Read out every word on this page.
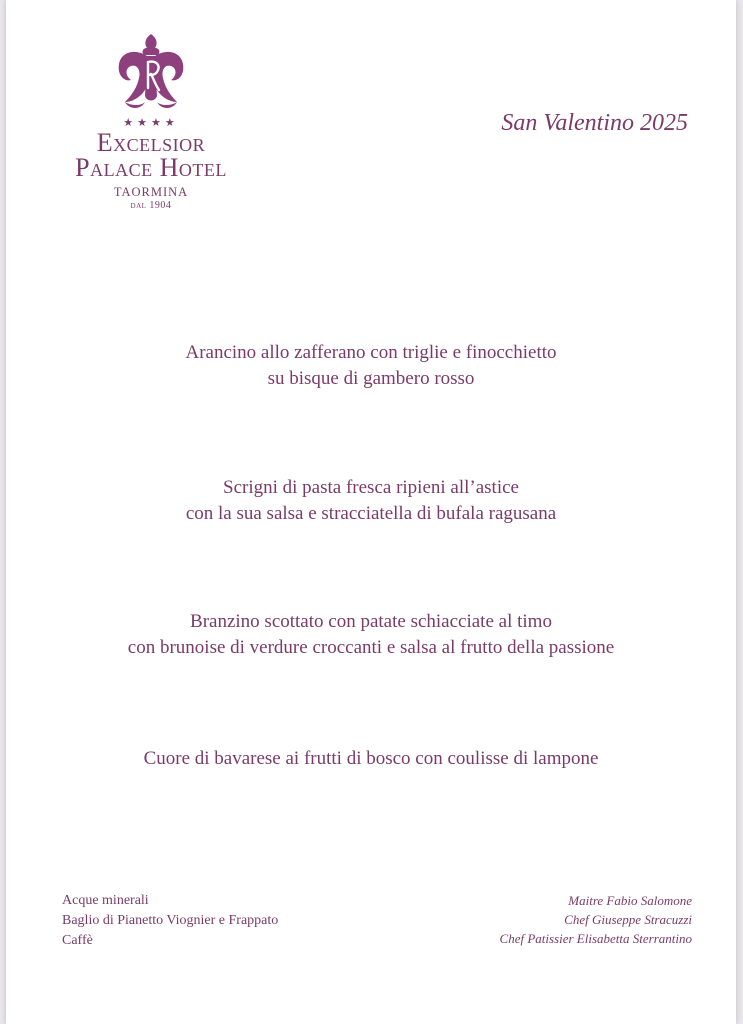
★★★★
Excelsior
Palace Hotel
TAORMINA
dal 1904
San Valentino 2025
Arancino allo zafferano con triglie e finocchietto
su bisque di gambero rosso
Scrigni di pasta fresca ripieni all’astice
con la sua salsa e stracciatella di bufala ragusana
Branzino scottato con patate schiacciate al timo
con brunoise di verdure croccanti e salsa al frutto della passione
Cuore di bavarese ai frutti di bosco con coulisse di lampone
Acque minerali
Baglio di Pianetto Viognier e Frappato
Caffè
Maitre Fabio Salomone
Chef Giuseppe Stracuzzi
Chef Patissier Elisabetta Sterrantino
